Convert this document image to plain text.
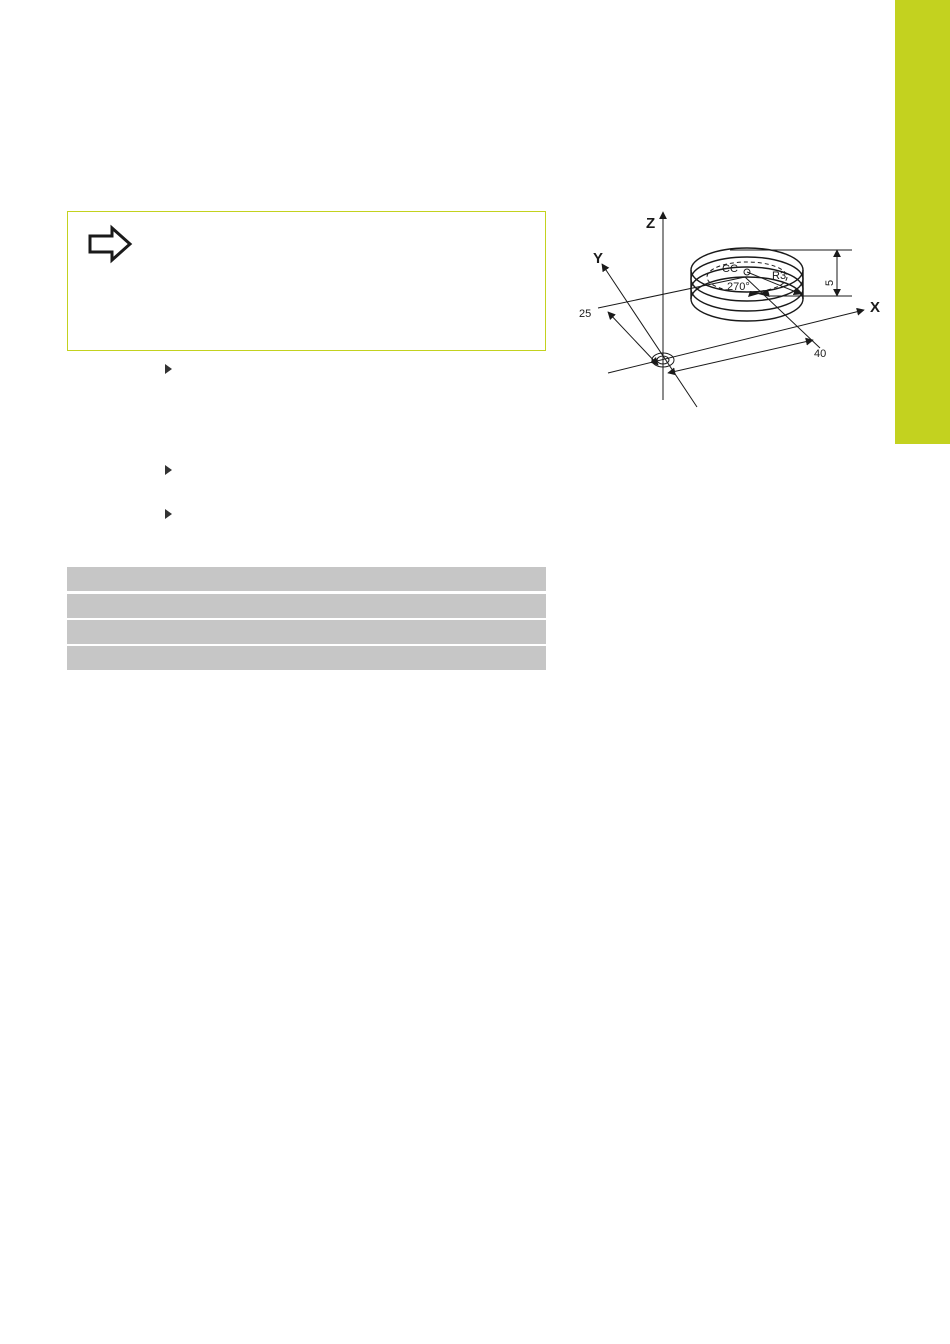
Z
Y
X
CC
270°
R3
5
25
40
